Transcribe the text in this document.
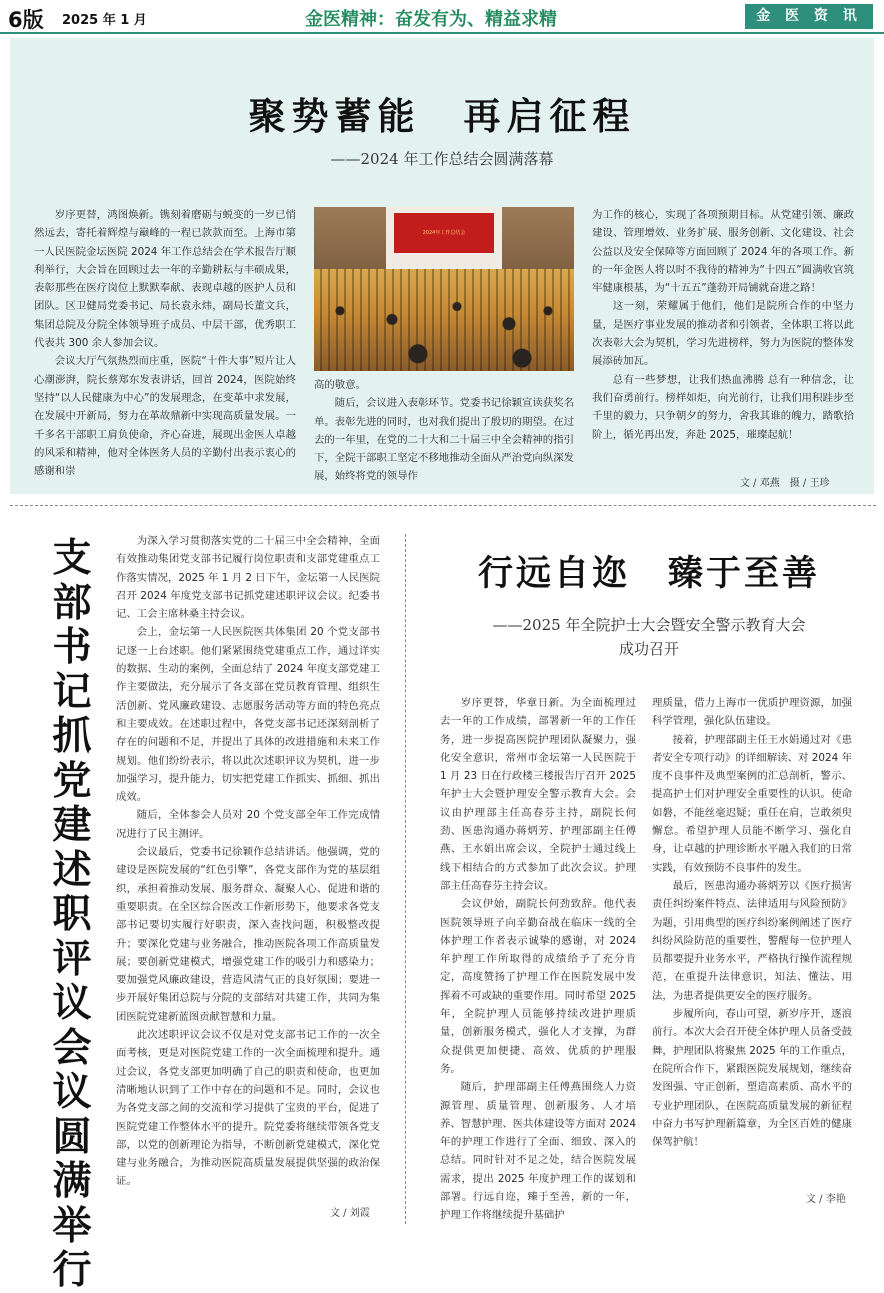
6版 2025 年 1 月	金医精神：奋发有为、精益求精	金 医 资 讯
聚势蓄能　再启征程
——2024 年工作总结会圆满落幕

岁序更替，鸿图焕新。镌刻着磨砺与蜕变的一岁已悄然远去，寄托着辉煌与巅峰的一程已款款而至。上海市第一人民医院金坛医院 2024 年工作总结会在学术报告厅顺利举行，大会旨在回顾过去一年的辛勤耕耘与丰硕成果，表彰那些在医疗岗位上默默奉献、表现卓越的医护人员和团队。区卫健局党委书记、局长袁永炜，副局长董文兵，集团总院及分院全体领导班子成员、中层干部，优秀职工代表共 300 余人参加会议。

会议大厅气氛热烈而庄重，医院“十件大事”短片让人心潮澎湃，院长蔡郑东发表讲话，回首 2024，医院始终坚持“以人民健康为中心”的发展理念，在变革中求发展，在发展中开新局，努力在革故鼎新中实现高质量发展。一千多名干部职工肩负使命，齐心奋进，展现出金医人卓越的风采和精神，他对全体医务人员的辛勤付出表示衷心的感谢和崇

2024年工作总结会

高的敬意。

随后，会议进入表彰环节。党委书记徐颖宣读获奖名单。表彰先进的同时，也对我们提出了殷切的期望。在过去的一年里，在党的二十大和二十届三中全会精神的指引下，全院干部职工坚定不移地推动全面从严治党向纵深发展，始终将党的领导作

为工作的核心，实现了各项预期目标。从党建引领、廉政建设、管理增效、业务扩展、服务创新、文化建设、社会公益以及安全保障等方面回顾了 2024 年的各项工作。新的一年金医人将以时不我待的精神为“十四五”圆满收官筑牢健康根基，为“十五五”蓬勃开局铺就奋进之路！

这一刻，荣耀属于他们，他们是院所合作的中坚力量，是医疗事业发展的推动者和引领者，全体职工将以此次表彰大会为契机，学习先进榜样，努力为医院的整体发展添砖加瓦。

总有一些梦想，让我们热血沸腾 总有一种信念，让我们奋勇前行。榜样如炬，向光前行，让我们用积跬步至千里的毅力，只争朝夕的努力，舍我其谁的魄力，踏歌拾阶上，循光再出发，奔赴 2025，璀璨起航！

文 / 邓燕　摄 / 王珍
支部书记抓党建述职评议会议圆满举行

为深入学习贯彻落实党的二十届三中全会精神，全面有效推动集团党支部书记履行岗位职责和支部党建重点工作落实情况，2025 年 1 月 2 日下午，金坛第一人民医院召开 2024 年度党支部书记抓党建述职评议会议。纪委书记、工会主席林桑主持会议。

会上，金坛第一人民医院医共体集团 20 个党支部书记逐一上台述职。他们紧紧围绕党建重点工作，通过详实的数据、生动的案例，全面总结了 2024 年度支部党建工作主要做法，充分展示了各支部在党员教育管理、组织生活创新、党风廉政建设、志愿服务活动等方面的特色亮点和主要成效。在述职过程中，各党支部书记还深刻剖析了存在的问题和不足，并提出了具体的改进措施和未来工作规划。他们纷纷表示，将以此次述职评议为契机，进一步加强学习，提升能力，切实把党建工作抓实、抓细、抓出成效。

随后，全体参会人员对 20 个党支部全年工作完成情况进行了民主测评。

会议最后，党委书记徐颖作总结讲话。他强调，党的建设是医院发展的“红色引擎”，各党支部作为党的基层组织，承担着推动发展、服务群众、凝聚人心、促进和谐的重要职责。在全区综合医改工作新形势下，他要求各党支部书记要切实履行好职责，深入查找问题，积极整改提升；要深化党建与业务融合，推动医院各项工作高质量发展；要创新党建模式，增强党建工作的吸引力和感染力；要加强党风廉政建设，营造风清气正的良好氛围；要进一步开展好集团总院与分院的支部结对共建工作，共同为集团医院党建新蓝图贡献智慧和力量。

此次述职评议会议不仅是对党支部书记工作的一次全面考核，更是对医院党建工作的一次全面梳理和提升。通过会议，各党支部更加明确了自己的职责和使命，也更加清晰地认识到了工作中存在的问题和不足。同时，会议也为各党支部之间的交流和学习提供了宝贵的平台，促进了医院党建工作整体水平的提升。院党委将继续带领各党支部，以党的创新理论为指导，不断创新党建模式，深化党建与业务融合，为推动医院高质量发展提供坚强的政治保证。

文 / 刘霞
行远自迩　臻于至善
——2025 年全院护士大会暨安全警示教育大会
成功召开

岁序更替，华章日新。为全面梳理过去一年的工作成绩，部署新一年的工作任务，进一步提高医院护理团队凝聚力，强化安全意识，常州市金坛第一人民医院于 1 月 23 日在行政楼三楼报告厅召开 2025 年护士大会暨护理安全警示教育大会。会议由护理部主任高春芬主持，副院长何劲、医患沟通办蒋炳芳、护理部副主任傅燕、王水娟出席会议，全院护士通过线上线下相结合的方式参加了此次会议。护理部主任高春芬主持会议。

会议伊始，副院长何劲致辞。他代表医院领导班子向辛勤奋战在临床一线的全体护理工作者表示诚挚的感谢，对 2024 年护理工作所取得的成绩给予了充分肯定，高度赞扬了护理工作在医院发展中发挥着不可或缺的重要作用。同时希望 2025 年，全院护理人员能够持续改进护理质量，创新服务模式，强化人才支撑，为群众提供更加便捷、高效、优质的护理服务。

随后，护理部副主任傅燕围绕人力资源管理、质量管理、创新服务、人才培养、智慧护理、医共体建设等方面对 2024 年的护理工作进行了全面、细致、深入的总结。同时针对不足之处，结合医院发展需求，提出 2025 年度护理工作的谋划和部署。行远自迩，臻于至善，新的一年，护理工作将继续提升基础护

理质量，借力上海市一优质护理资源，加强科学管理，强化队伍建设。

接着，护理部副主任王水娟通过对《患者安全专项行动》的详细解读、对 2024 年度不良事件及典型案例的汇总剖析，警示、提高护士们对护理安全重要性的认识。使命如磐，不能丝毫迟疑；重任在肩，岂敢须臾懈怠。希望护理人员能不断学习、强化自身，让卓越的护理诊断水平融入我们的日常实践，有效预防不良事件的发生。

最后，医患沟通办蒋炳芳以《医疗损害责任纠纷案件特点、法律适用与风险预防》为题，引用典型的医疗纠纷案例阐述了医疗纠纷风险防范的重要性，警醒每一位护理人员都要提升业务水平，严格执行操作流程规范，在重提升法律意识，知法、懂法、用法，为患者提供更安全的医疗服务。

步履所向，春山可望，新岁序开，逐浪前行。本次大会召开使全体护理人员备受鼓舞，护理团队将聚焦 2025 年的工作重点，在院所合作下，紧跟医院发展规划，继续奋发图强、守正创新，塑造高素质、高水平的专业护理团队，在医院高质量发展的新征程中奋力书写护理新篇章，为全区百姓的健康保驾护航！

文 / 李艳
